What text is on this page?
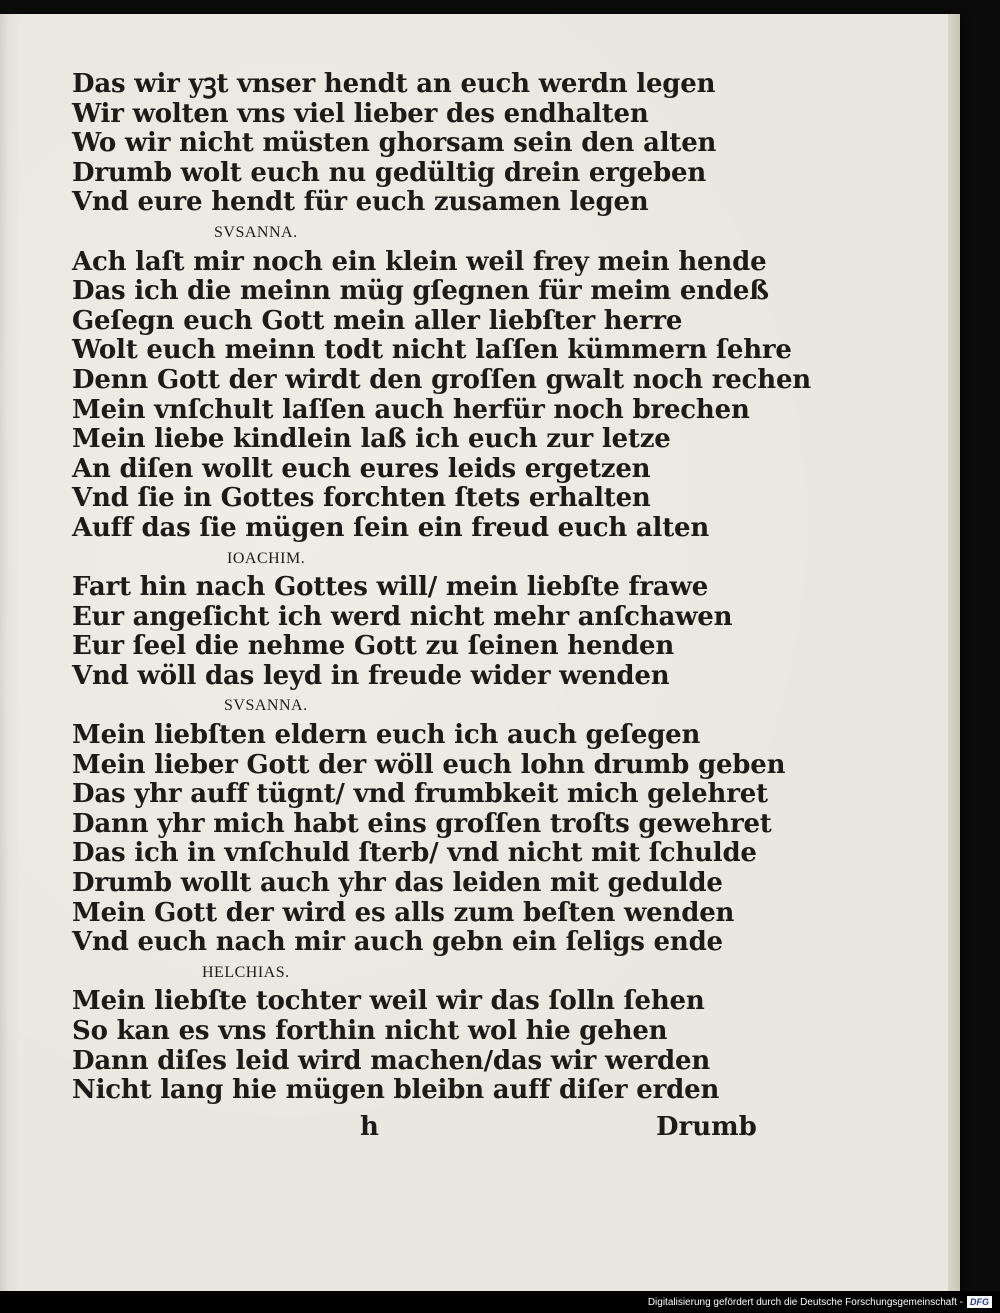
Das wir yꝫt vnser hendt an euch werdn legen
Wir wolten vns viel lieber des endhalten
Wo wir nicht müsten ghorsam sein den alten
Drumb wolt euch nu gedültig drein ergeben
Vnd eure hendt für euch zusamen legen
SVSANNA.
Ach laſt mir noch ein klein weil frey mein hende
Das ich die meinn müg gſegnen für meim endeß
Geſegn euch Gott mein aller liebſter herre
Wolt euch meinn todt nicht laſſen kümmern ſehre
Denn Gott der wirdt den groſſen gwalt noch rechen
Mein vnſchult laſſen auch herfür noch brechen
Mein liebe kindlein laß ich euch zur letze
An diſen wollt euch eures leids ergetzen
Vnd ſie in Gottes forchten ſtets erhalten
Auff das ſie mügen ſein ein freud euch alten
IOACHIM.
Fart hin nach Gottes will/ mein liebſte frawe
Eur angeſicht ich werd nicht mehr anſchawen
Eur ſeel die nehme Gott zu ſeinen henden
Vnd wöll das leyd in freude wider wenden
SVSANNA.
Mein liebſten eldern euch ich auch geſegen
Mein lieber Gott der wöll euch lohn drumb geben
Das yhr auff tügnt/ vnd frumbkeit mich gelehret
Dann yhr mich habt eins groſſen troſts gewehret
Das ich in vnſchuld ſterb/ vnd nicht mit ſchulde
Drumb wollt auch yhr das leiden mit gedulde
Mein Gott der wird es alls zum beſten wenden
Vnd euch nach mir auch gebn ein ſeligs ende
HELCHIAS.
Mein liebſte tochter weil wir das ſolln ſehen
So kan es vns forthin nicht wol hie gehen
Dann diſes leid wird machen/das wir werden
Nicht lang hie mügen bleibn auff diſer erden
h	Drumb
Digitalisierung gefördert durch die Deutsche Forschungsgemeinschaft - DFG
